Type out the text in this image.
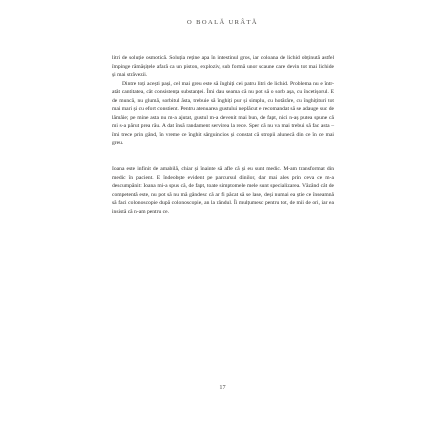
O BOALĂ URÂTĂ

litri de soluție osmotică. Soluția reține apa în intestinul gros, iar coloana de lichid obținută astfel împinge rămășițele afară ca un piston, exploziv, sub formă unor scaune care devin tot mai lichide și mai străvezii.

Dintre toți acești pași, cel mai greu este să înghiți cei patru litri de lichid. Problema nu e într-atât cantitatea, cât consistența substanței. Îmi dau seama că nu pot să o sorb așa, cu încetișorul. E de muncă, nu glumă, sorbitul ăsta, trebuie să înghiți pur și simplu, cu hotărâre, cu înghițituri tot mai mari și cu efort constient. Pentru atenuarea gustului neplăcut e recomandat să se adauge suc de lămâie; pe mine asta nu m-a ajutat, gustul m-a devenit mai bun, de fapt, nici n-aș putea spune că mi s-a părut prea rău. A dat însă randament servirea la rece. Sper că nu va mai trebui să fac asta – îmi trece prin gând, în vreme ce înghit sârguincios și constat că stropii alunecă din ce în ce mai greu.

Ioana este infinit de amabilă, chiar și înainte să afle că și eu sunt medic. M-am transformat din medic în pacient. E îndeobște evident pe parcursul dinilor, dar mai ales prin ceva ce m-a descumpănit: Ioana mi-a spus că, de fapt, toate simptomele mele sunt specializarea. Văzând cât de competentă este, nu pot să nu mă gândesc că ar fi păcat să se lase, deși numai ea știe ce înseamnă să faci colonoscopie după colonoscopie, an la rândul. Îi mulțumesc pentru tot, de mii de ori, iar ea insistă că n-am pentru ce.

17
